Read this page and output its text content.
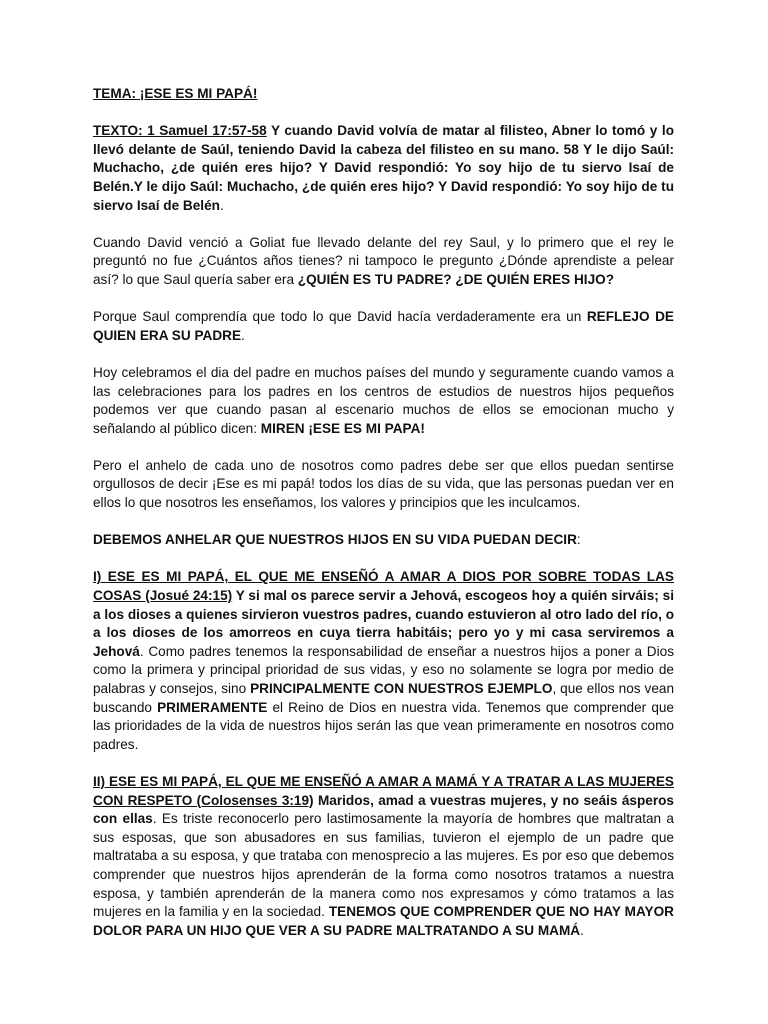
TEMA: ¡ESE ES MI PAPÁ!

TEXTO: 1 Samuel 17:57-58 Y cuando David volvía de matar al filisteo, Abner lo tomó y lo llevó delante de Saúl, teniendo David la cabeza del filisteo en su mano. 58 Y le dijo Saúl: Muchacho, ¿de quién eres hijo? Y David respondió: Yo soy hijo de tu siervo Isaí de Belén.Y le dijo Saúl: Muchacho, ¿de quién eres hijo? Y David respondió: Yo soy hijo de tu siervo Isaí de Belén.

Cuando David venció a Goliat fue llevado delante del rey Saul, y lo primero que el rey le preguntó no fue ¿Cuántos años tienes? ni tampoco le pregunto ¿Dónde aprendiste a pelear así? lo que Saul quería saber era ¿QUIÉN ES TU PADRE? ¿DE QUIÉN ERES HIJO?

Porque Saul comprendía que todo lo que David hacía verdaderamente era un REFLEJO DE QUIEN ERA SU PADRE.

Hoy celebramos el dia del padre en muchos países del mundo y seguramente cuando vamos a las celebraciones para los padres en los centros de estudios de nuestros hijos pequeños podemos ver que cuando pasan al escenario muchos de ellos se emocionan mucho y señalando al público dicen: MIREN ¡ESE ES MI PAPA!

Pero el anhelo de cada uno de nosotros como padres debe ser que ellos puedan sentirse orgullosos de decir ¡Ese es mi papá! todos los días de su vida, que las personas puedan ver en ellos lo que nosotros les enseñamos, los valores y principios que les inculcamos.

DEBEMOS ANHELAR QUE NUESTROS HIJOS EN SU VIDA PUEDAN DECIR:

I) ESE ES MI PAPÁ, EL QUE ME ENSEÑÓ A AMAR A DIOS POR SOBRE TODAS LAS COSAS (Josué 24:15) Y si mal os parece servir a Jehová, escogeos hoy a quién sirváis; si a los dioses a quienes sirvieron vuestros padres, cuando estuvieron al otro lado del río, o a los dioses de los amorreos en cuya tierra habitáis; pero yo y mi casa serviremos a Jehová. Como padres tenemos la responsabilidad de enseñar a nuestros hijos a poner a Dios como la primera y principal prioridad de sus vidas, y eso no solamente se logra por medio de palabras y consejos, sino PRINCIPALMENTE CON NUESTROS EJEMPLO, que ellos nos vean buscando PRIMERAMENTE el Reino de Dios en nuestra vida. Tenemos que comprender que las prioridades de la vida de nuestros hijos serán las que vean primeramente en nosotros como padres.

II) ESE ES MI PAPÁ, EL QUE ME ENSEÑÓ A AMAR A MAMÁ Y A TRATAR A LAS MUJERES CON RESPETO (Colosenses 3:19) Maridos, amad a vuestras mujeres, y no seáis ásperos con ellas. Es triste reconocerlo pero lastimosamente la mayoría de hombres que maltratan a sus esposas, que son abusadores en sus familias, tuvieron el ejemplo de un padre que maltrataba a su esposa, y que trataba con menosprecio a las mujeres. Es por eso que debemos comprender que nuestros hijos aprenderán de la forma como nosotros tratamos a nuestra esposa, y también aprenderán de la manera como nos expresamos y cómo tratamos a las mujeres en la familia y en la sociedad. TENEMOS QUE COMPRENDER QUE NO HAY MAYOR DOLOR PARA UN HIJO QUE VER A SU PADRE MALTRATANDO A SU MAMÁ.
